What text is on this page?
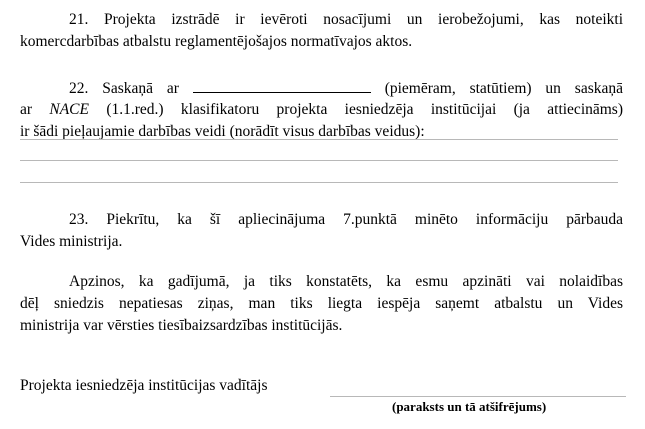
21. Projekta izstrādē ir ievēroti nosacījumi un ierobežojumi, kas noteikti
komercdarbības atbalstu reglamentējošajos normatīvajos aktos.
22. Saskaņā ar	(piemēram, statūtiem) un saskaņā
ar NACE (1.1.red.) klasifikatoru projekta iesniedzēja institūcijai (ja attiecināms)
ir šādi pieļaujamie darbības veidi (norādīt visus darbības veidus):
23. Piekrītu, ka šī apliecinājuma 7.punktā minēto informāciju pārbauda
Vides ministrija.
Apzinos, ka gadījumā, ja tiks konstatēts, ka esmu apzināti vai nolaidības
dēļ sniedzis nepatiesas ziņas, man tiks liegta iespēja saņemt atbalstu un Vides
ministrija var vērsties tiesībaizsardzības institūcijās.
Projekta iesniedzēja institūcijas vadītājs
(paraksts un tā atšifrējums)
